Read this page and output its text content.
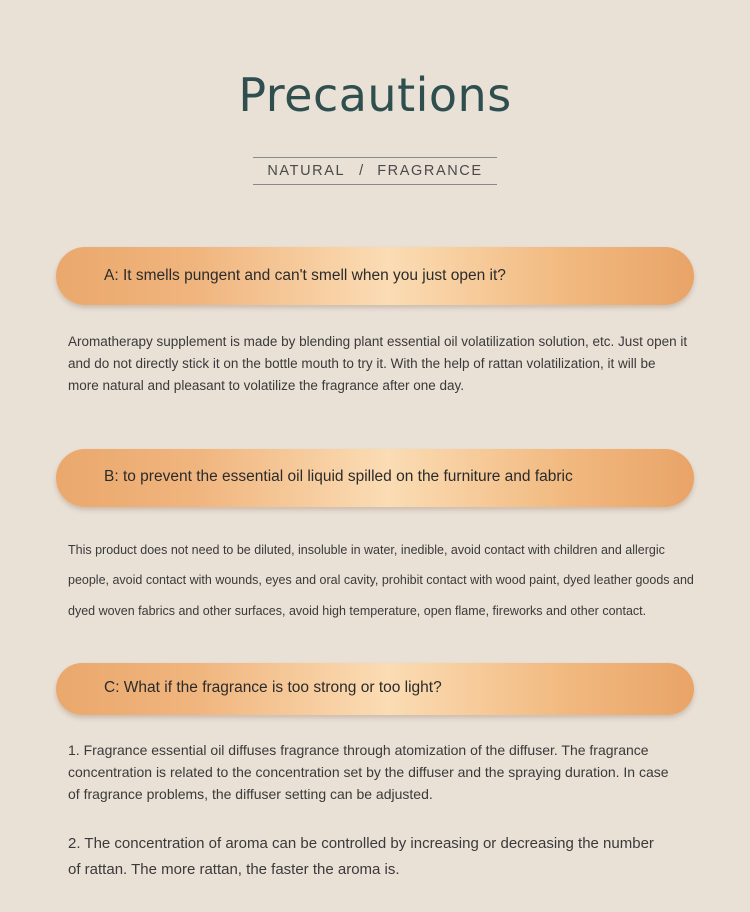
Precautions
NATURAL / FRAGRANCE
A: It smells pungent and can't smell when you just open it?

Aromatherapy supplement is made by blending plant essential oil volatilization solution, etc. Just open it and do not directly stick it on the bottle mouth to try it. With the help of rattan volatilization, it will be more natural and pleasant to volatilize the fragrance after one day.

B: to prevent the essential oil liquid spilled on the furniture and fabric

This product does not need to be diluted, insoluble in water, inedible, avoid contact with children and allergic people, avoid contact with wounds, eyes and oral cavity, prohibit contact with wood paint, dyed leather goods and dyed woven fabrics and other surfaces, avoid high temperature, open flame, fireworks and other contact.

C: What if the fragrance is too strong or too light?

1. Fragrance essential oil diffuses fragrance through atomization of the diffuser. The fragrance concentration is related to the concentration set by the diffuser and the spraying duration. In case of fragrance problems, the diffuser setting can be adjusted.

2. The concentration of aroma can be controlled by increasing or decreasing the number of rattan. The more rattan, the faster the aroma is.
